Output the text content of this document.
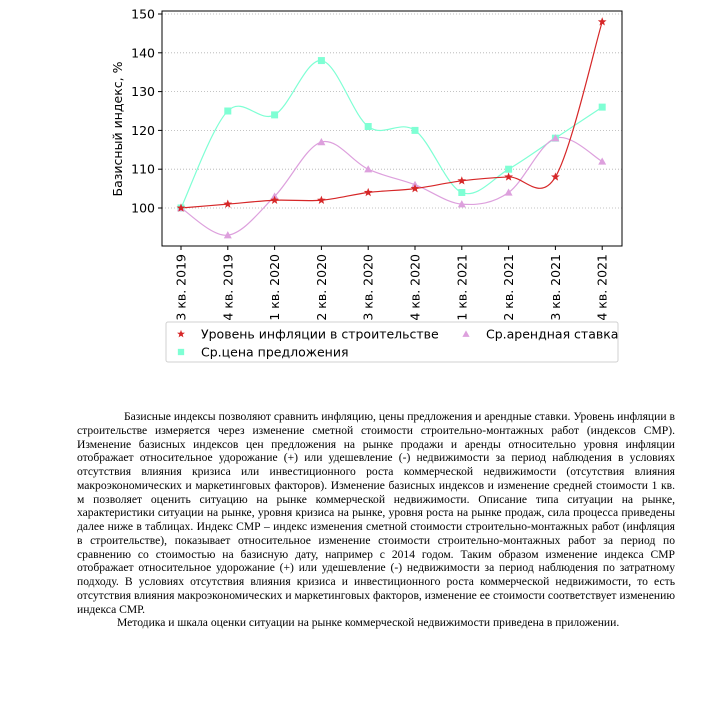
100
110
120
130
140
150
3 кв. 2019	4 кв. 2019	1 кв. 2020	2 кв. 2020	3 кв. 2020	4 кв. 2020	1 кв. 2021	2 кв. 2021	3 кв. 2021	4 кв. 2021
Базисный индекс, %
Уровень инфляции в строительстве	Ср.арендная ставка
Ср.цена предложения

Базисные индексы позволяют сравнить инфляцию, цены предложения и арендные ставки. Уровень инфляции в строительстве измеряется через изменение сметной стоимости строительно-монтажных работ (индексов СМР). Изменение базисных индексов цен предложения на рынке продажи и аренды относительно уровня инфляции отображает относительное удорожание (+) или удешевление (-) недвижимости за период наблюдения в условиях отсутствия влияния кризиса или инвестиционного роста коммерческой недвижимости (отсутствия влияния макроэкономических и маркетинговых факторов). Изменение базисных индексов и изменение средней стоимости 1 кв. м позволяет оценить ситуацию на рынке коммерческой недвижимости. Описание типа ситуации на рынке, характеристики ситуации на рынке, уровня кризиса на рынке, уровня роста на рынке продаж, сила процесса приведены далее ниже в таблицах. Индекс СМР – индекс изменения сметной стоимости строительно-монтажных работ (инфляция в строительстве), показывает относительное изменение стоимости строительно-монтажных работ за период по сравнению со стоимостью на базисную дату, например с 2014 годом. Таким образом изменение индекса СМР отображает относительное удорожание (+) или удешевление (-) недвижимости за период наблюдения по затратному подходу. В условиях отсутствия влияния кризиса и инвестиционного роста коммерческой недвижимости, то есть отсутствия влияния макроэкономических и маркетинговых факторов, изменение ее стоимости соответствует изменению индекса СМР.

Методика и шкала оценки ситуации на рынке коммерческой недвижимости приведена в приложении.
